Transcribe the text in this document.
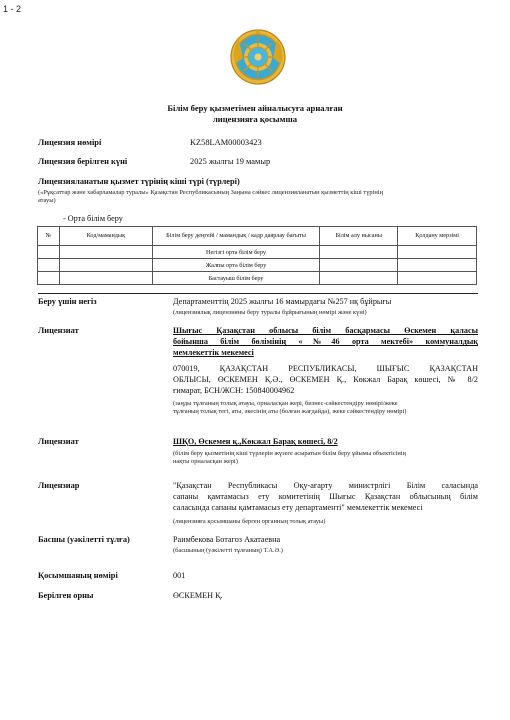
1 - 2
Білім беру қызметімен айналысуға арналған
лицензияға қосымша
Лицензия нөмірі	KZ58LAM00003423
Лицензия берілген күні	2025 жылғы 19 мамыр
Лицензияланатын қызмет түрінің кіші түрі (түрлері)
(«Рұқсаттар және хабарламалар туралы» Қазақстан Республикасының Заңына сәйкес лицензияланатын қызметтің кіші түрінің
атауы)
- Орта білім беру
№	Код/мамандық	Білім беру деңгейі / мамандық / кадр даярлау бағыты	Білім алу нысаны	Қолдану мерзімі
		Негізгі орта білім беру		
		Жалпы орта білім беру		
		Бастауыш білім беру		
Беру үшін негіз	Департаменттің 2025 жылғы 16 мамырдағы №257 нқ бұйрығы
(лицензиялық лицензияны беру туралы бұйрығының нөмірі және күні)
Лицензиат	Шығыс Қазақстан облысы білім басқармасы Өскемен қаласы
бойынша білім бөлімінің «№46 орта мектебі» коммуналдық
мемлекеттік мекемесі
070019, ҚАЗАҚСТАН РЕСПУБЛИКАСЫ, ШЫҒЫС ҚАЗАҚСТАН
ОБЛЫСЫ, ӨСКЕМЕН Қ.Ә., ӨСКЕМЕН Қ., Көкжал Барақ көшесі, № 8/2
ғимарат, БСН/ЖСН: 150840004962
(заңды тұлғаның толық атауы, орналасқан жері, бизнес-сәйкестендіру нөмірі/жеке
тұлғаның толық тегі, аты, әкесінің аты (болған жағдайда), жеке сәйкестендіру нөмірі)
Лицензиат	ШҚО, Өскемен қ.,Көкжал Барақ көшесі, 8/2
(білім беру қызметінің кіші түрлерін жүзеге асыратын білім беру ұйымы объектісінің
нақты орналасқан жері)
Лицензиар	"Қазақстан Республикасы Оқу-ағарту министрлігі Білім саласында
сапаны қамтамасыз ету комитетінің Шығыс Қазақстан облысының білім
саласында сапаны қамтамасыз ету департаменті" мемлекеттік мекемесі
(лицензияға қосымшаны берген органның толық атауы)
Басшы (уәкілетті тұлға)	Раимбекова Ботагоз Акатаевна
(басшының (уәкілетті тұлғаның) Т.А.Ә.)
Қосымшаның нөмірі	001
Берілген орны	ӨСКЕМЕН Қ.
